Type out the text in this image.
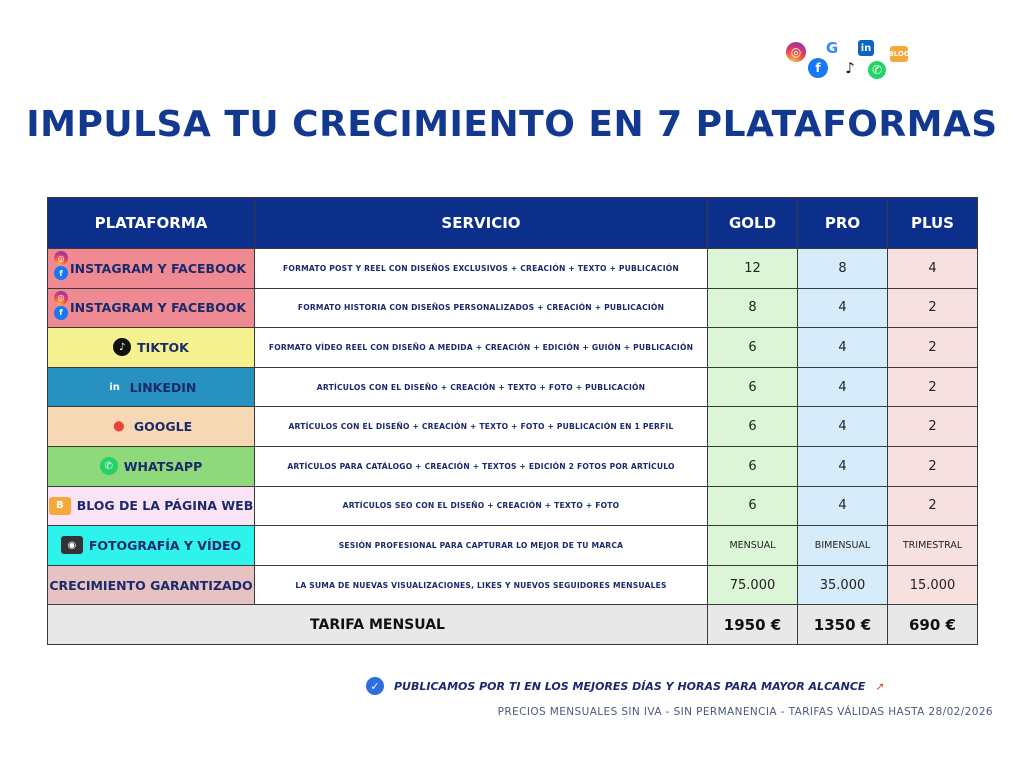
◎	G	in
BLOG
f	♪	✆
IMPULSA TU CRECIMIENTO EN 7 PLATAFORMAS
PLATAFORMA	SERVICIO	GOLD	PRO	PLUS

◎
f INSTAGRAM Y FACEBOOK	FORMATO POST Y REEL CON DISEÑOS EXCLUSIVOS + CREACIÓN + TEXTO + PUBLICACIÓN	12	8	4

◎
f INSTAGRAM Y FACEBOOK	FORMATO HISTORIA CON DISEÑOS PERSONALIZADOS + CREACIÓN + PUBLICACIÓN	8	4	2

♪ TIKTOK	FORMATO VÍDEO REEL CON DISEÑO A MEDIDA + CREACIÓN + EDICIÓN + GUIÓN + PUBLICACIÓN	6	4	2

in LINKEDIN	ARTÍCULOS CON EL DISEÑO + CREACIÓN + TEXTO + FOTO + PUBLICACIÓN	6	4	2

⬤ GOOGLE	ARTÍCULOS CON EL DISEÑO + CREACIÓN + TEXTO + FOTO + PUBLICACIÓN EN 1 PERFIL	6	4	2

✆ WHATSAPP	ARTÍCULOS PARA CATÁLOGO + CREACIÓN + TEXTOS + EDICIÓN 2 FOTOS POR ARTÍCULO	6	4	2

B BLOG DE LA PÁGINA WEB	ARTÍCULOS SEO CON EL DISEÑO + CREACIÓN + TEXTO + FOTO	6	4	2

◉ FOTOGRAFÍA Y VÍDEO	SESIÓN PROFESIONAL PARA CAPTURAR LO MEJOR DE TU MARCA	MENSUAL	BIMENSUAL	TRIMESTRAL

CRECIMIENTO GARANTIZADO	LA SUMA DE NUEVAS VISUALIZACIONES, LIKES Y NUEVOS SEGUIDORES MENSUALES	75.000	35.000	15.000
TARIFA MENSUAL		1950 €	1350 €	690 €
✓	PUBLICAMOS POR TI EN LOS MEJORES DÍAS Y HORAS PARA MAYOR ALCANCE ➚
PRECIOS MENSUALES SIN IVA - SIN PERMANENCIA - TARIFAS VÁLIDAS HASTA 28/02/2026
